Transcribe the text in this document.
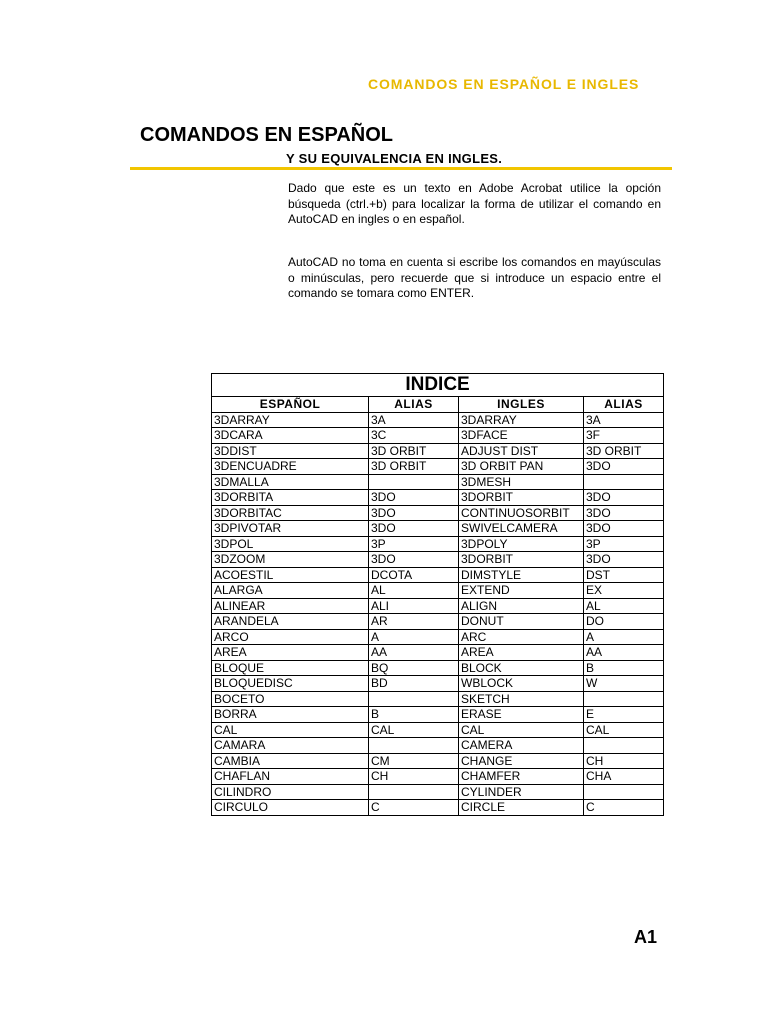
COMANDOS EN ESPAÑOL E INGLES
COMANDOS EN ESPAÑOL
Y SU EQUIVALENCIA EN INGLES.

Dado que este es un texto en Adobe Acrobat utilice la opción búsqueda (ctrl.+b) para localizar la forma de utilizar el comando en AutoCAD en ingles o en español.

AutoCAD no toma en cuenta si escribe los comandos en mayúsculas o minúsculas, pero recuerde que si introduce un espacio entre el comando se tomara como ENTER.

INDICE			
ESPAÑOL	ALIAS	INGLES	ALIAS
3DARRAY	3A	3DARRAY	3A
3DCARA	3C	3DFACE	3F
3DDIST	3D ORBIT	ADJUST DIST	3D ORBIT
3DENCUADRE	3D ORBIT	3D ORBIT PAN	3DO
3DMALLA		3DMESH	
3DORBITA	3DO	3DORBIT	3DO
3DORBITAC	3DO	CONTINUOSORBIT	3DO
3DPIVOTAR	3DO	SWIVELCAMERA	3DO
3DPOL	3P	3DPOLY	3P
3DZOOM	3DO	3DORBIT	3DO
ACOESTIL	DCOTA	DIMSTYLE	DST
ALARGA	AL	EXTEND	EX
ALINEAR	ALI	ALIGN	AL
ARANDELA	AR	DONUT	DO
ARCO	A	ARC	A
AREA	AA	AREA	AA
BLOQUE	BQ	BLOCK	B
BLOQUEDISC	BD	WBLOCK	W
BOCETO		SKETCH	
BORRA	B	ERASE	E
CAL	CAL	CAL	CAL
CAMARA		CAMERA	
CAMBIA	CM	CHANGE	CH
CHAFLAN	CH	CHAMFER	CHA
CILINDRO		CYLINDER	
CIRCULO	C	CIRCLE	C
A1
